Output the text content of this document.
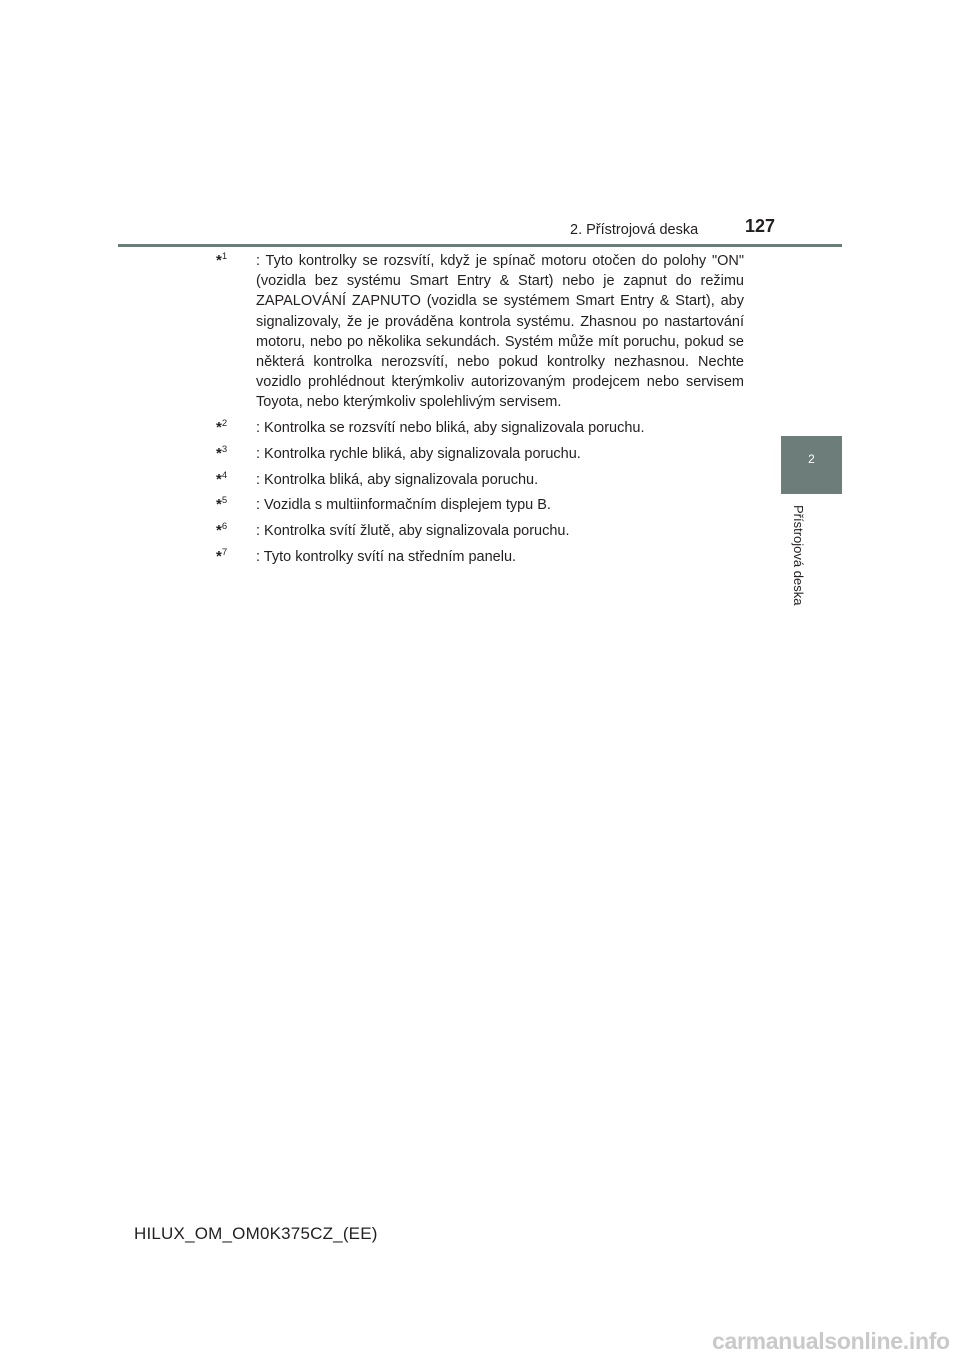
2. Přístrojová deska	127
2
Přístrojová deska
*$^1$	: Tyto kontrolky se rozsvítí, když je spínač motoru otočen do polohy "ON" (vozidla bez systému Smart Entry & Start) nebo je zapnut do režimu ZAPALOVÁNÍ ZAPNUTO (vozidla se systémem Smart Entry & Start), aby signalizovaly, že je prováděna kontrola systému. Zhasnou po nastartování motoru, nebo po několika sekundách. Systém může mít poruchu, pokud se některá kontrolka nerozsvítí, nebo pokud kontrolky nezhasnou. Nechte vozidlo prohlédnout kterýmkoliv autorizovaným prodejcem nebo servisem Toyota, nebo kterýmkoliv spolehlivým servisem.
*$^2$	: Kontrolka se rozsvítí nebo bliká, aby signalizovala poruchu.
*$^3$	: Kontrolka rychle bliká, aby signalizovala poruchu.
*$^4$	: Kontrolka bliká, aby signalizovala poruchu.
*$^5$	: Vozidla s multiinformačním displejem typu B.
*$^6$	: Kontrolka svítí žlutě, aby signalizovala poruchu.
*$^7$	: Tyto kontrolky svítí na středním panelu.
HILUX_OM_OM0K375CZ_(EE)
carmanualsonline.info
